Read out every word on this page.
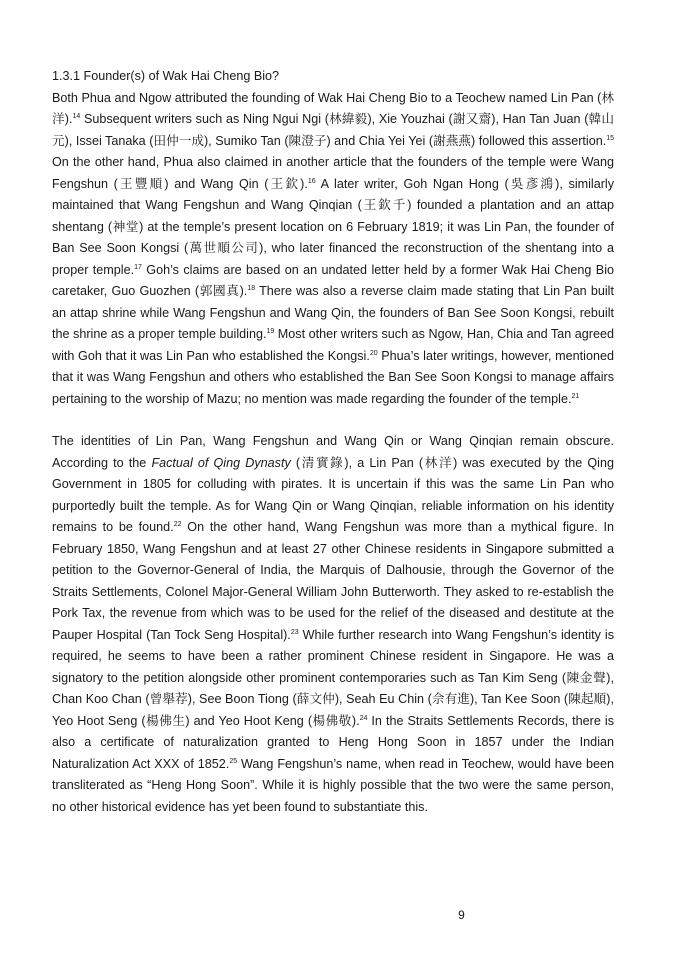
1.3.1 Founder(s) of Wak Hai Cheng Bio?

Both Phua and Ngow attributed the founding of Wak Hai Cheng Bio to a Teochew named Lin Pan (林洋).$^{14}$ Subsequent writers such as Ning Ngui Ngi (林緯毅), Xie Youzhai (謝又齋), Han Tan Juan (韓山元), Issei Tanaka (田仲一成), Sumiko Tan (陳澄子) and Chia Yei Yei (謝燕燕) followed this assertion.$^{15}$ On the other hand, Phua also claimed in another article that the founders of the temple were Wang Fengshun (王豐順) and Wang Qin (王欽).$^{16}$ A later writer, Goh Ngan Hong (吳彥鴻), similarly maintained that Wang Fengshun and Wang Qinqian (王欽千) founded a plantation and an attap shentang (神堂) at the temple’s present location on 6 February 1819; it was Lin Pan, the founder of Ban See Soon Kongsi (萬世順公司), who later financed the reconstruction of the shentang into a proper temple.$^{17}$ Goh’s claims are based on an undated letter held by a former Wak Hai Cheng Bio caretaker, Guo Guozhen (郭國真).$^{18}$ There was also a reverse claim made stating that Lin Pan built an attap shrine while Wang Fengshun and Wang Qin, the founders of Ban See Soon Kongsi, rebuilt the shrine as a proper temple building.$^{19}$ Most other writers such as Ngow, Han, Chia and Tan agreed with Goh that it was Lin Pan who established the Kongsi.$^{20}$ Phua’s later writings, however, mentioned that it was Wang Fengshun and others who established the Ban See Soon Kongsi to manage affairs pertaining to the worship of Mazu; no mention was made regarding the founder of the temple.$^{21}$

The identities of Lin Pan, Wang Fengshun and Wang Qin or Wang Qinqian remain obscure. According to the Factual of Qing Dynasty (清實錄), a Lin Pan (林洋) was executed by the Qing Government in 1805 for colluding with pirates. It is uncertain if this was the same Lin Pan who purportedly built the temple. As for Wang Qin or Wang Qinqian, reliable information on his identity remains to be found.$^{22}$ On the other hand, Wang Fengshun was more than a mythical figure. In February 1850, Wang Fengshun and at least 27 other Chinese residents in Singapore submitted a petition to the Governor-General of India, the Marquis of Dalhousie, through the Governor of the Straits Settlements, Colonel Major-General William John Butterworth. They asked to re-establish the Pork Tax, the revenue from which was to be used for the relief of the diseased and destitute at the Pauper Hospital (Tan Tock Seng Hospital).$^{23}$ While further research into Wang Fengshun’s identity is required, he seems to have been a rather prominent Chinese resident in Singapore. He was a signatory to the petition alongside other prominent contemporaries such as Tan Kim Seng (陳金聲), Chan Koo Chan (曾舉荐), See Boon Tiong (薛文仲), Seah Eu Chin (佘有進), Tan Kee Soon (陳起順), Yeo Hoot Seng (楊佛生) and Yeo Hoot Keng (楊佛敬).$^{24}$ In the Straits Settlements Records, there is also a certificate of naturalization granted to Heng Hong Soon in 1857 under the Indian Naturalization Act XXX of 1852.25 Wang Fengshun’s name, when read in Teochew, would have been transliterated as “Heng Hong Soon”. While it is highly possible that the two were the same person, no other historical evidence has yet been found to substantiate this.

9
